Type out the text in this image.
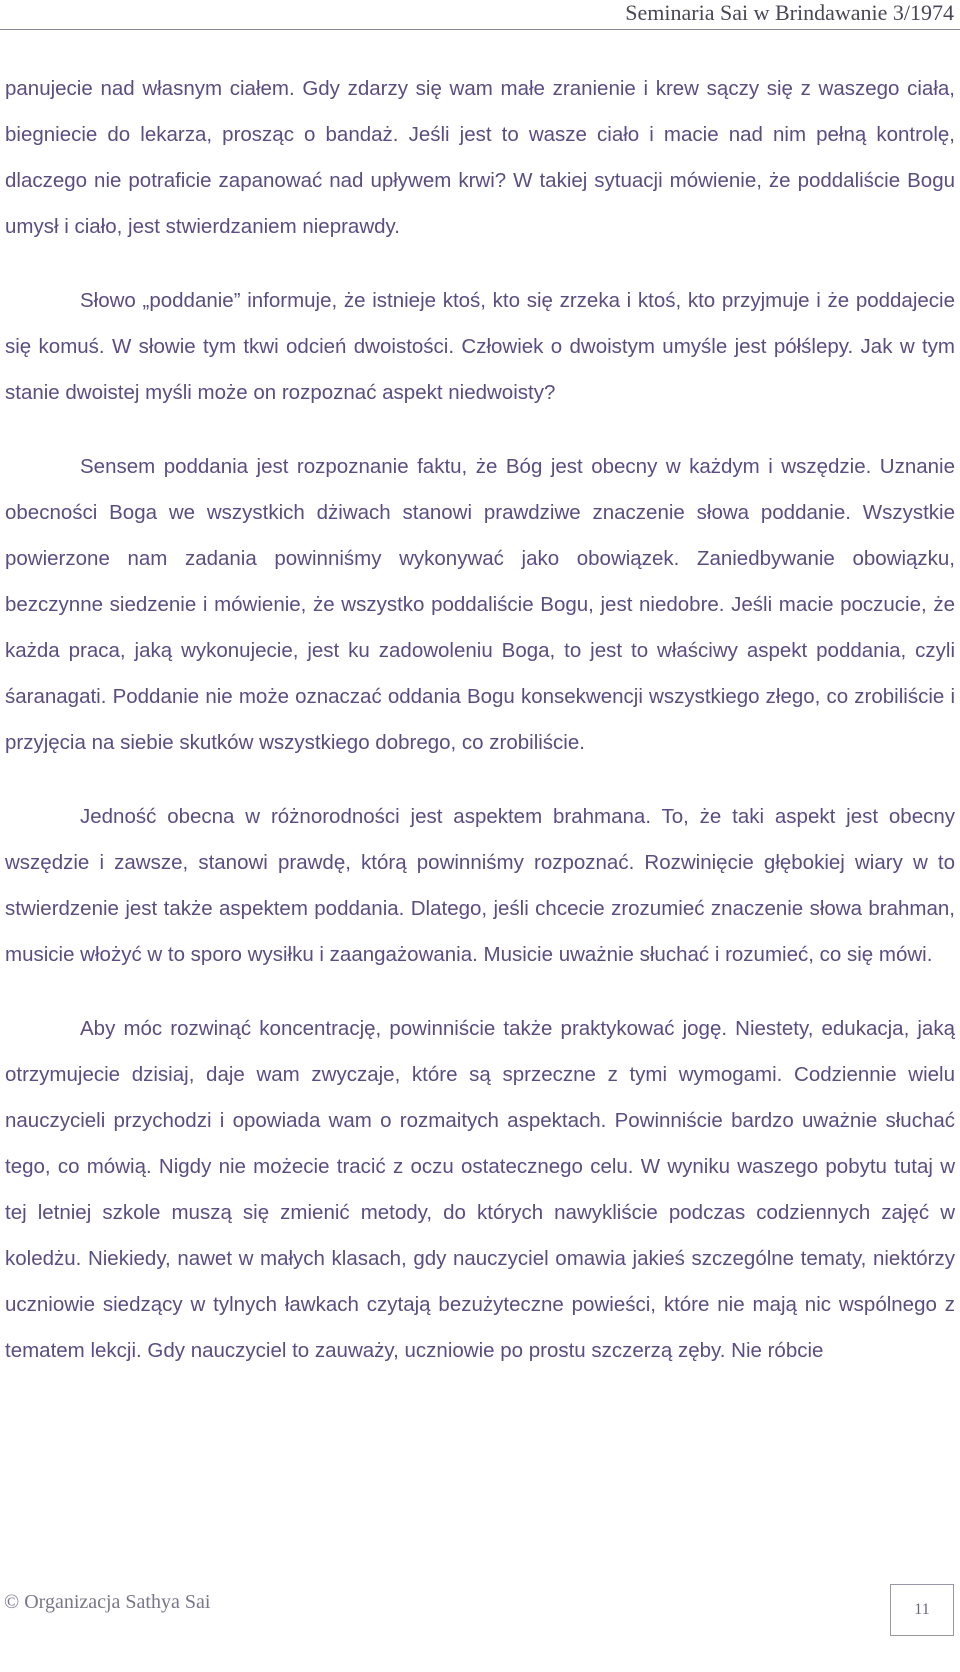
Seminaria Sai w Brindawanie 3/1974

panujecie nad własnym ciałem. Gdy zdarzy się wam małe zranienie i krew sączy się z waszego ciała, biegniecie do lekarza, prosząc o bandaż. Jeśli jest to wasze ciało i macie nad nim pełną kontrolę, dlaczego nie potraficie zapanować nad upływem krwi? W takiej sytuacji mówienie, że poddaliście Bogu umysł i ciało, jest stwierdzaniem nieprawdy.

Słowo „poddanie” informuje, że istnieje ktoś, kto się zrzeka i ktoś, kto przyjmuje i że poddajecie się komuś. W słowie tym tkwi odcień dwoistości. Człowiek o dwoistym umyśle jest półślepy. Jak w tym stanie dwoistej myśli może on rozpoznać aspekt niedwoisty?

Sensem poddania jest rozpoznanie faktu, że Bóg jest obecny w każdym i wszędzie. Uznanie obecności Boga we wszystkich dżiwach stanowi prawdziwe znaczenie słowa poddanie. Wszystkie powierzone nam zadania powinniśmy wykonywać jako obowiązek. Zaniedbywanie obowiązku, bezczynne siedzenie i mówienie, że wszystko poddaliście Bogu, jest niedobre. Jeśli macie poczucie, że każda praca, jaką wykonujecie, jest ku zadowoleniu Boga, to jest to właściwy aspekt poddania, czyli śaranagati. Poddanie nie może oznaczać oddania Bogu konsekwencji wszystkiego złego, co zrobiliście i przyjęcia na siebie skutków wszystkiego dobrego, co zrobiliście.

Jedność obecna w różnorodności jest aspektem brahmana. To, że taki aspekt jest obecny wszędzie i zawsze, stanowi prawdę, którą powinniśmy rozpoznać. Rozwinięcie głębokiej wiary w to stwierdzenie jest także aspektem poddania. Dlatego, jeśli chcecie zrozumieć znaczenie słowa brahman, musicie włożyć w to sporo wysiłku i zaangażowania. Musicie uważnie słuchać i rozumieć, co się mówi.

Aby móc rozwinąć koncentrację, powinniście także praktykować jogę. Niestety, edukacja, jaką otrzymujecie dzisiaj, daje wam zwyczaje, które są sprzeczne z tymi wymogami. Codziennie wielu nauczycieli przychodzi i opowiada wam o rozmaitych aspektach. Powinniście bardzo uważnie słuchać tego, co mówią. Nigdy nie możecie tracić z oczu ostatecznego celu. W wyniku waszego pobytu tutaj w tej letniej szkole muszą się zmienić metody, do których nawykliście podczas codziennych zajęć w koledżu. Niekiedy, nawet w małych klasach, gdy nauczyciel omawia jakieś szczególne tematy, niektórzy uczniowie siedzący w tylnych ławkach czytają bezużyteczne powieści, które nie mają nic wspólnego z tematem lekcji. Gdy nauczyciel to zauważy, uczniowie po prostu szczerzą zęby. Nie róbcie

© Organizacja Sathya Sai	11
